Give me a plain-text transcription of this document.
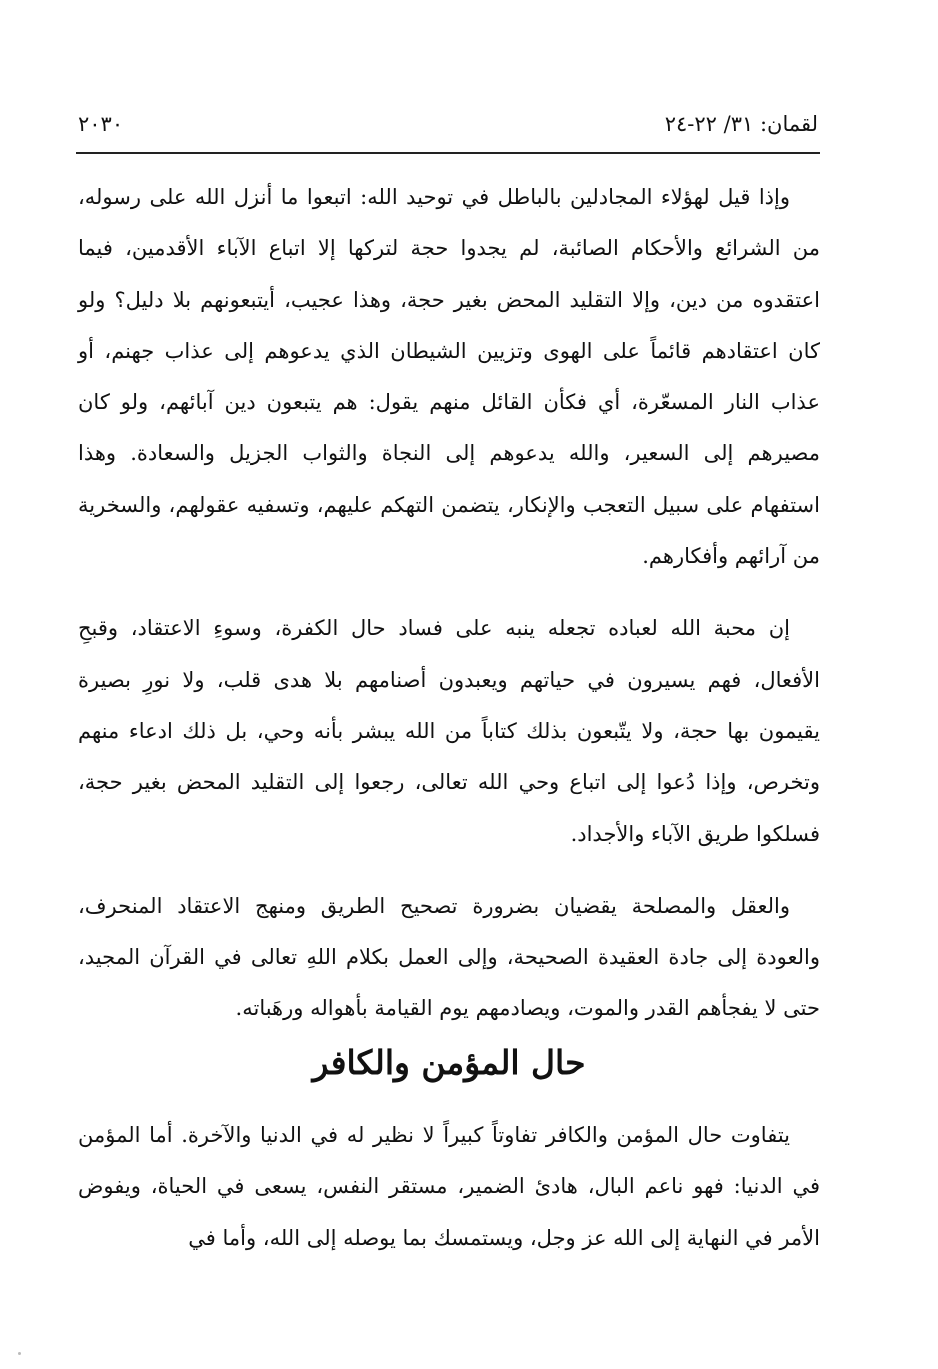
لقمان: ٣١/ ٢٢-٢٤
٢٠٣٠

وإذا قيل لهؤلاء المجادلين بالباطل في توحيد الله: اتبعوا ما أنزل الله على رسوله، من الشرائع والأحكام الصائبة، لم يجدوا حجة لتركها إلا اتباع الآباء الأقدمين، فيما اعتقدوه من دين، وإلا التقليد المحض بغير حجة، وهذا عجيب، أيتبعونهم بلا دليل؟ ولو كان اعتقادهم قائماً على الهوى وتزيين الشيطان الذي يدعوهم إلى عذاب جهنم، أو عذاب النار المسعّرة، أي فكأن القائل منهم يقول: هم يتبعون دين آبائهم، ولو كان مصيرهم إلى السعير، والله يدعوهم إلى النجاة والثواب الجزيل والسعادة. وهذا استفهام على سبيل التعجب والإنكار، يتضمن التهكم عليهم، وتسفيه عقولهم، والسخرية من آرائهم وأفكارهم.

إن محبة الله لعباده تجعله ينبه على فساد حال الكفرة، وسوءِ الاعتقاد، وقبحِ الأفعال، فهم يسيرون في حياتهم ويعبدون أصنامهم بلا هدى قلب، ولا نورِ بصيرة يقيمون بها حجة، ولا يتّبعون بذلك كتاباً من الله يبشر بأنه وحي، بل ذلك ادعاء منهم وتخرص، وإذا دُعوا إلى اتباع وحي الله تعالى، رجعوا إلى التقليد المحض بغير حجة، فسلكوا طريق الآباء والأجداد.

والعقل والمصلحة يقضيان بضرورة تصحيح الطريق ومنهج الاعتقاد المنحرف، والعودة إلى جادة العقيدة الصحيحة، وإلى العمل بكلام اللهِ تعالى في القرآن المجيد، حتى لا يفجأهم القدر والموت، ويصادمهم يوم القيامة بأهواله ورهَباته.

حال المؤمن والكافر

يتفاوت حال المؤمن والكافر تفاوتاً كبيراً لا نظير له في الدنيا والآخرة. أما المؤمن في الدنيا: فهو ناعم البال، هادئ الضمير، مستقر النفس، يسعى في الحياة، ويفوض الأمر في النهاية إلى الله عز وجل، ويستمسك بما يوصله إلى الله، وأما في
